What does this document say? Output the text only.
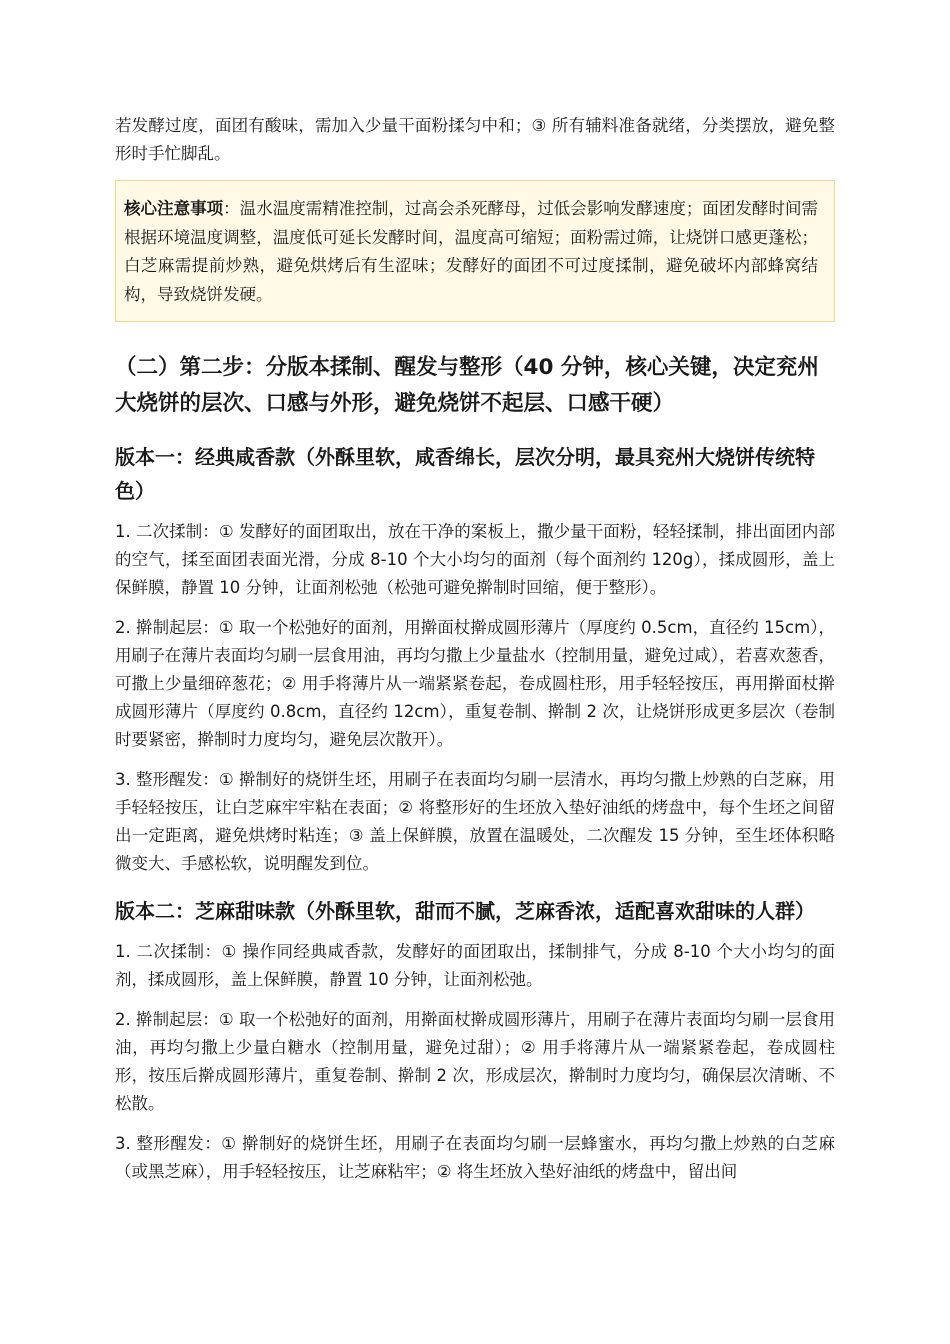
若发酵过度，面团有酸味，需加入少量干面粉揉匀中和；③ 所有辅料准备就绪，分类摆放，避免整形时手忙脚乱。

核心注意事项：温水温度需精准控制，过高会杀死酵母，过低会影响发酵速度；面团发酵时间需根据环境温度调整，温度低可延长发酵时间，温度高可缩短；面粉需过筛，让烧饼口感更蓬松；白芝麻需提前炒熟，避免烘烤后有生涩味；发酵好的面团不可过度揉制，避免破坏内部蜂窝结构，导致烧饼发硬。
（二）第二步：分版本揉制、醒发与整形（40 分钟，核心关键，决定兖州大烧饼的层次、口感与外形，避免烧饼不起层、口感干硬）
版本一：经典咸香款（外酥里软，咸香绵长，层次分明，最具兖州大烧饼传统特色）

1. 二次揉制：① 发酵好的面团取出，放在干净的案板上，撒少量干面粉，轻轻揉制，排出面团内部的空气，揉至面团表面光滑，分成 8-10 个大小均匀的面剂（每个面剂约 120g），揉成圆形，盖上保鲜膜，静置 10 分钟，让面剂松弛（松弛可避免擀制时回缩，便于整形）。

2. 擀制起层：① 取一个松弛好的面剂，用擀面杖擀成圆形薄片（厚度约 0.5cm，直径约 15cm），用刷子在薄片表面均匀刷一层食用油，再均匀撒上少量盐水（控制用量，避免过咸），若喜欢葱香，可撒上少量细碎葱花；② 用手将薄片从一端紧紧卷起，卷成圆柱形，用手轻轻按压，再用擀面杖擀成圆形薄片（厚度约 0.8cm，直径约 12cm），重复卷制、擀制 2 次，让烧饼形成更多层次（卷制时要紧密，擀制时力度均匀，避免层次散开）。

3. 整形醒发：① 擀制好的烧饼生坯，用刷子在表面均匀刷一层清水，再均匀撒上炒熟的白芝麻，用手轻轻按压，让白芝麻牢牢粘在表面；② 将整形好的生坯放入垫好油纸的烤盘中，每个生坯之间留出一定距离，避免烘烤时粘连；③ 盖上保鲜膜，放置在温暖处，二次醒发 15 分钟，至生坯体积略微变大、手感松软，说明醒发到位。

版本二：芝麻甜味款（外酥里软，甜而不腻，芝麻香浓，适配喜欢甜味的人群）

1. 二次揉制：① 操作同经典咸香款，发酵好的面团取出，揉制排气，分成 8-10 个大小均匀的面剂，揉成圆形，盖上保鲜膜，静置 10 分钟，让面剂松弛。

2. 擀制起层：① 取一个松弛好的面剂，用擀面杖擀成圆形薄片，用刷子在薄片表面均匀刷一层食用油，再均匀撒上少量白糖水（控制用量，避免过甜）；② 用手将薄片从一端紧紧卷起，卷成圆柱形，按压后擀成圆形薄片，重复卷制、擀制 2 次，形成层次，擀制时力度均匀，确保层次清晰、不松散。

3. 整形醒发：① 擀制好的烧饼生坯，用刷子在表面均匀刷一层蜂蜜水，再均匀撒上炒熟的白芝麻（或黑芝麻），用手轻轻按压，让芝麻粘牢；② 将生坯放入垫好油纸的烤盘中，留出间
